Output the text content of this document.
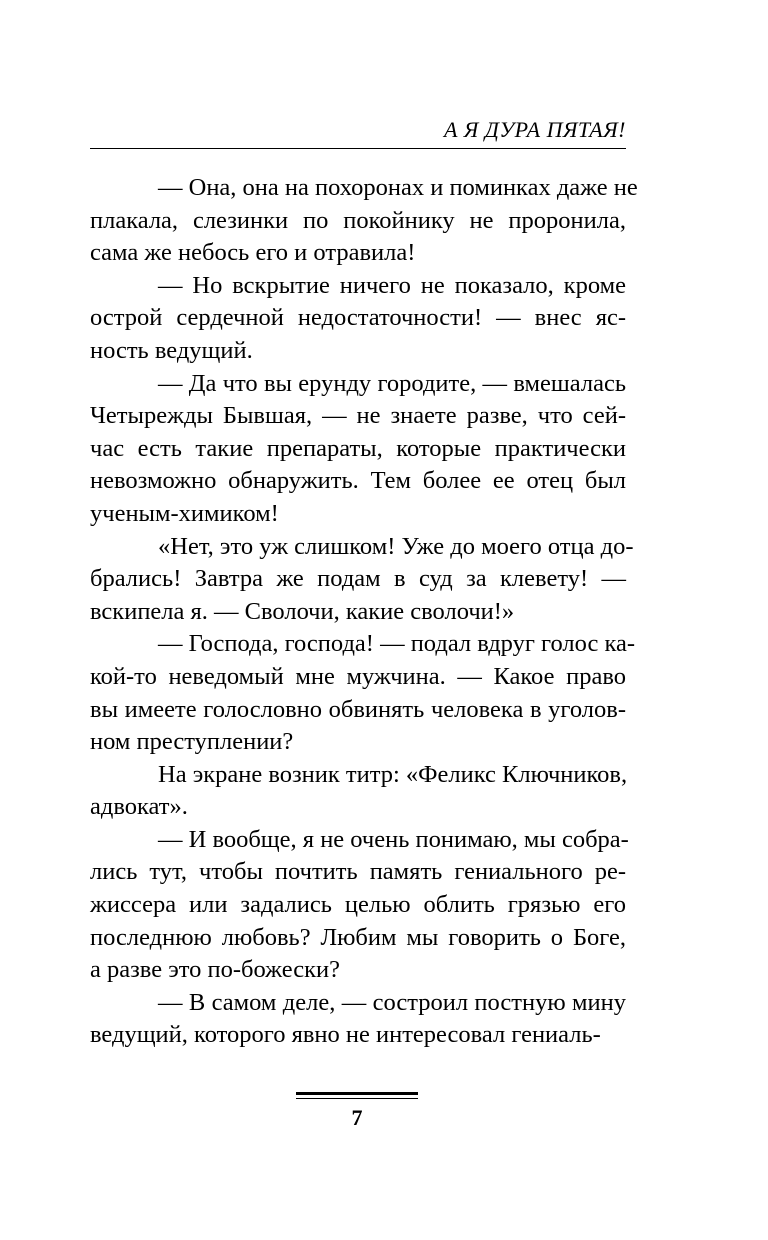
А Я ДУРА ПЯТАЯ!

— Она, она на похоронах и поминках даже не
плакала, слезинки по покойнику не проронила,
сама же небось его и отравила!

— Но вскрытие ничего не показало, кроме
острой сердечной недостаточности! — внес яс-
ность ведущий.

— Да что вы ерунду городите, — вмешалась
Четырежды Бывшая, — не знаете разве, что сей-
час есть такие препараты, которые практически
невозможно обнаружить. Тем более ее отец был
ученым-химиком!

«Нет, это уж слишком! Уже до моего отца до-
брались! Завтра же подам в суд за клевету! —
вскипела я. — Сволочи, какие сволочи!»

— Господа, господа! — подал вдруг голос ка-
кой-то неведомый мне мужчина. — Какое право
вы имеете голословно обвинять человека в уголов-
ном преступлении?

На экране возник титр: «Феликс Ключников,
адвокат».

— И вообще, я не очень понимаю, мы собра-
лись тут, чтобы почтить память гениального ре-
жиссера или задались целью облить грязью его
последнюю любовь? Любим мы говорить о Боге,
а разве это по-божески?

— В самом деле, — состроил постную мину
ведущий, которого явно не интересовал гениаль-

7
